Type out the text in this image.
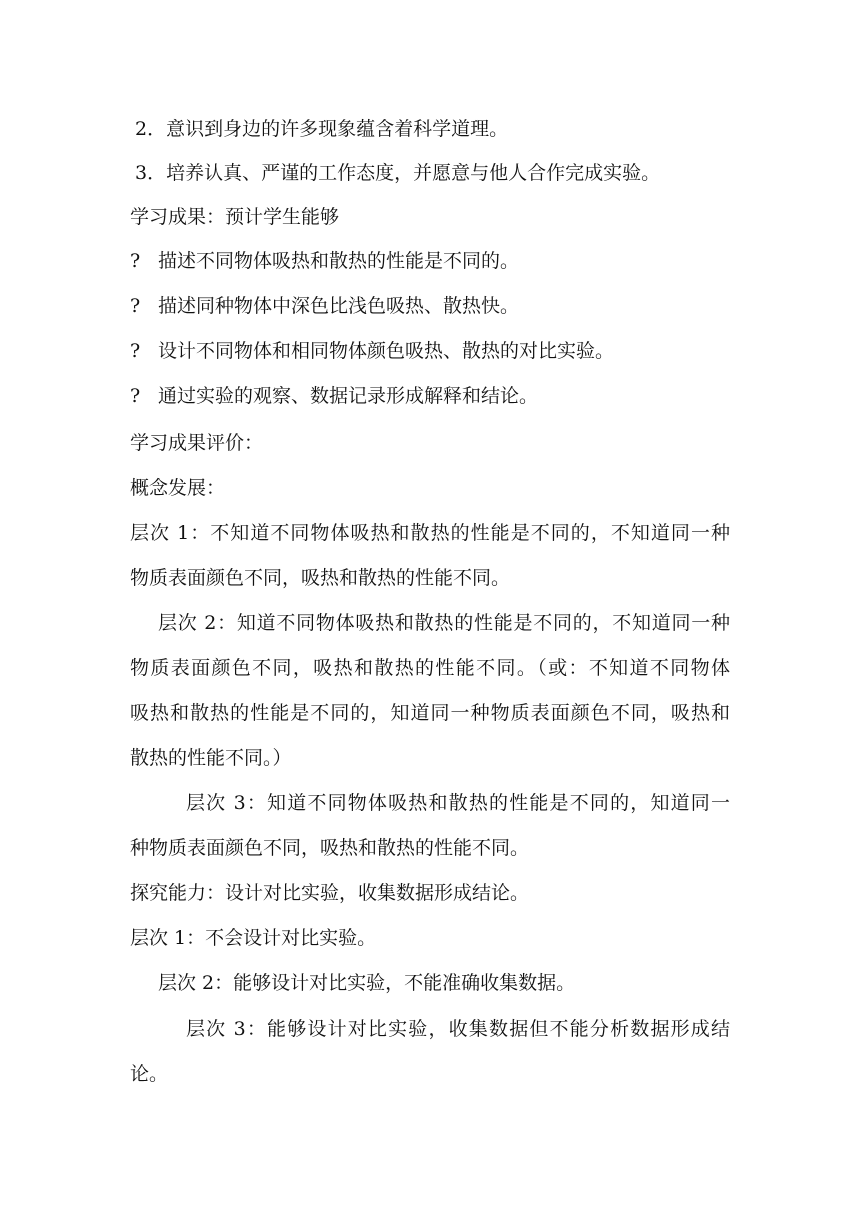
2．意识到身边的许多现象蕴含着科学道理。
3．培养认真、严谨的工作态度，并愿意与他人合作完成实验。
学习成果：预计学生能够
? 描述不同物体吸热和散热的性能是不同的。
? 描述同种物体中深色比浅色吸热、散热快。
? 设计不同物体和相同物体颜色吸热、散热的对比实验。
? 通过实验的观察、数据记录形成解释和结论。
学习成果评价：
概念发展：
层次 1：不知道不同物体吸热和散热的性能是不同的，不知道同一种
物质表面颜色不同，吸热和散热的性能不同。
层次 2：知道不同物体吸热和散热的性能是不同的，不知道同一种
物质表面颜色不同，吸热和散热的性能不同。（或：不知道不同物体
吸热和散热的性能是不同的，知道同一种物质表面颜色不同，吸热和
散热的性能不同。）
层次 3：知道不同物体吸热和散热的性能是不同的，知道同一
种物质表面颜色不同，吸热和散热的性能不同。
探究能力：设计对比实验，收集数据形成结论。
层次 1：不会设计对比实验。
层次 2：能够设计对比实验，不能准确收集数据。
层次 3：能够设计对比实验，收集数据但不能分析数据形成结
论。
